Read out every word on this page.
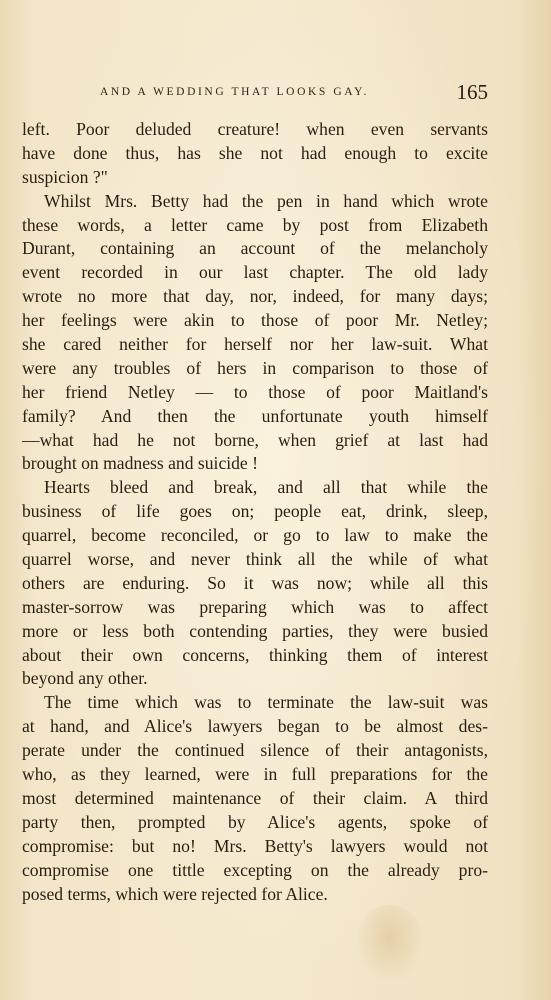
AND A WEDDING THAT LOOKS GAY.	165
left. Poor deluded creature! when even servants
have done thus, has she not had enough to excite
suspicion ?"
Whilst Mrs. Betty had the pen in hand which wrote
these words, a letter came by post from Elizabeth
Durant, containing an account of the melancholy
event recorded in our last chapter. The old lady
wrote no more that day, nor, indeed, for many days;
her feelings were akin to those of poor Mr. Netley;
she cared neither for herself nor her law-suit. What
were any troubles of hers in comparison to those of
her friend Netley — to those of poor Maitland's
family? And then the unfortunate youth himself
—what had he not borne, when grief at last had
brought on madness and suicide !
Hearts bleed and break, and all that while the
business of life goes on; people eat, drink, sleep,
quarrel, become reconciled, or go to law to make the
quarrel worse, and never think all the while of what
others are enduring. So it was now; while all this
master-sorrow was preparing which was to affect
more or less both contending parties, they were busied
about their own concerns, thinking them of interest
beyond any other.
The time which was to terminate the law-suit was
at hand, and Alice's lawyers began to be almost des-
perate under the continued silence of their antagonists,
who, as they learned, were in full preparations for the
most determined maintenance of their claim. A third
party then, prompted by Alice's agents, spoke of
compromise: but no! Mrs. Betty's lawyers would not
compromise one tittle excepting on the already pro-
posed terms, which were rejected for Alice.
